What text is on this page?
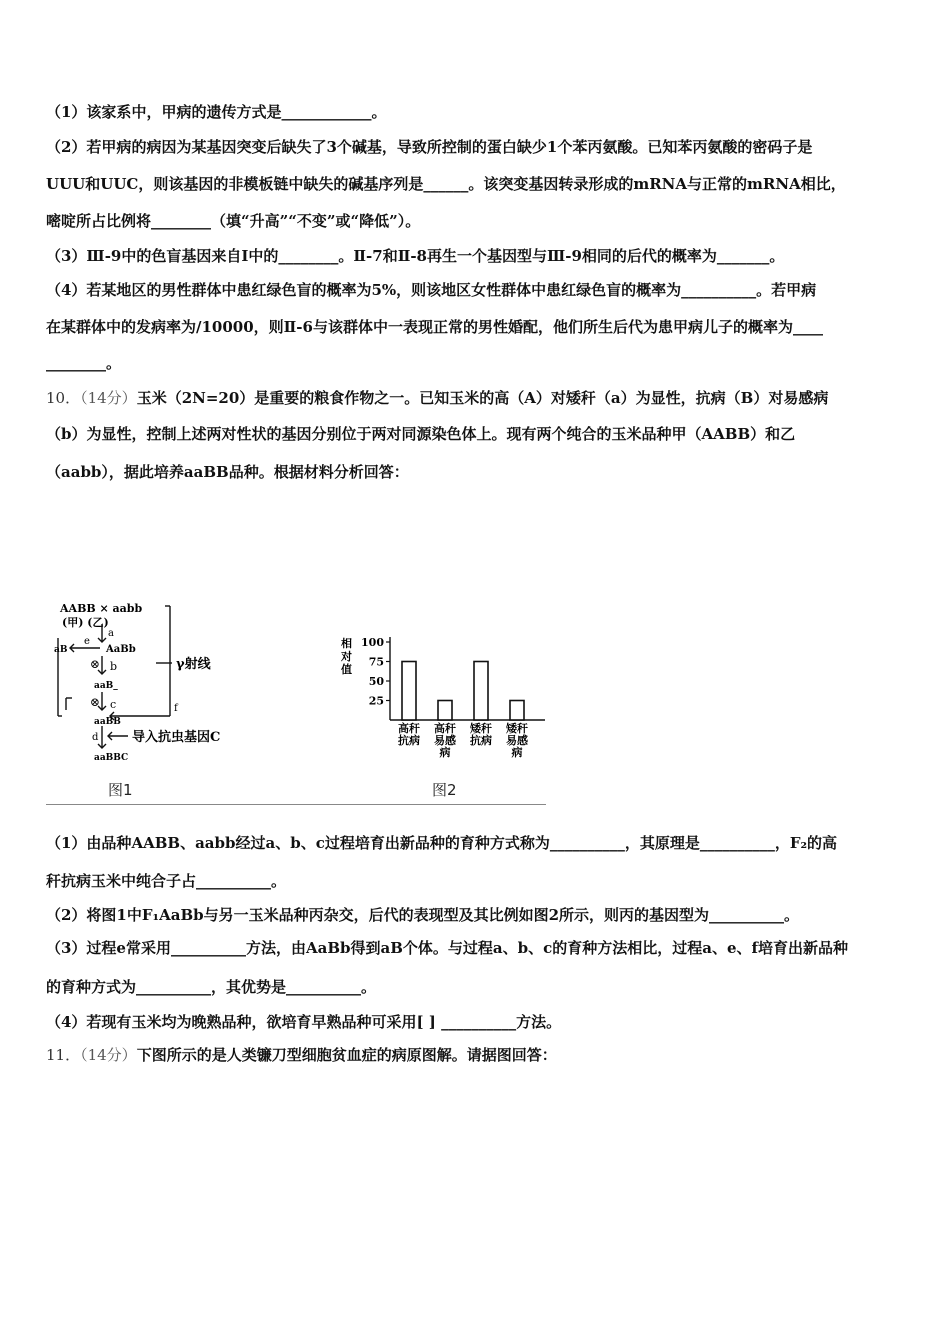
（1）该家系中，甲病的遗传方式是____________。
（2）若甲病的病因为某基因突变后缺失了3个碱基，导致所控制的蛋白缺少1个苯丙氨酸。已知苯丙氨酸的密码子是
UUU和UUC，则该基因的非模板链中缺失的碱基序列是______。该突变基因转录形成的mRNA与正常的mRNA相比，
嘧啶所占比例将________（填“升高”“不变”或“降低”）。
（3）Ⅲ-9中的色盲基因来自Ⅰ中的________。Ⅱ-7和Ⅱ-8再生一个基因型与Ⅲ-9相同的后代的概率为_______。
（4）若某地区的男性群体中患红绿色盲的概率为5%，则该地区女性群体中患红绿色盲的概率为__________。若甲病
在某群体中的发病率为/10000，则Ⅱ-6与该群体中一表现正常的男性婚配，他们所生后代为患甲病儿子的概率为____
________。
10．（14分）玉米（2N=20）是重要的粮食作物之一。已知玉米的高（A）对矮秆（a）为显性，抗病（B）对易感病
（b）为显性，控制上述两对性状的基因分别位于两对同源染色体上。现有两个纯合的玉米品种甲（AABB）和乙
（aabb），据此培养aaBB品种。根据材料分析回答：
AABB × aabb
(甲) (乙)
a
e
aB	AaBb
⊗ b	γ射线
aaB_
⊗ c	f
aaBB
d	导入抗虫基因C
aaBBC
图1
相
对
值
25
50
75
100
高秆抗病
高秆易感病
矮秆抗病
矮秆易感病
图2
（1）由品种AABB、aabb经过a、b、c过程培育出新品种的育种方式称为__________，其原理是__________，F₂的高
秆抗病玉米中纯合子占__________。
（2）将图1中F₁AaBb与另一玉米品种丙杂交，后代的表现型及其比例如图2所示，则丙的基因型为__________。
（3）过程e常采用__________方法，由AaBb得到aB个体。与过程a、b、c的育种方法相比，过程a、e、f培育出新品种
的育种方式为__________，其优势是__________。
（4）若现有玉米均为晚熟品种，欲培育早熟品种可采用[ ] __________方法。
11．（14分）下图所示的是人类镰刀型细胞贫血症的病原图解。请据图回答：
